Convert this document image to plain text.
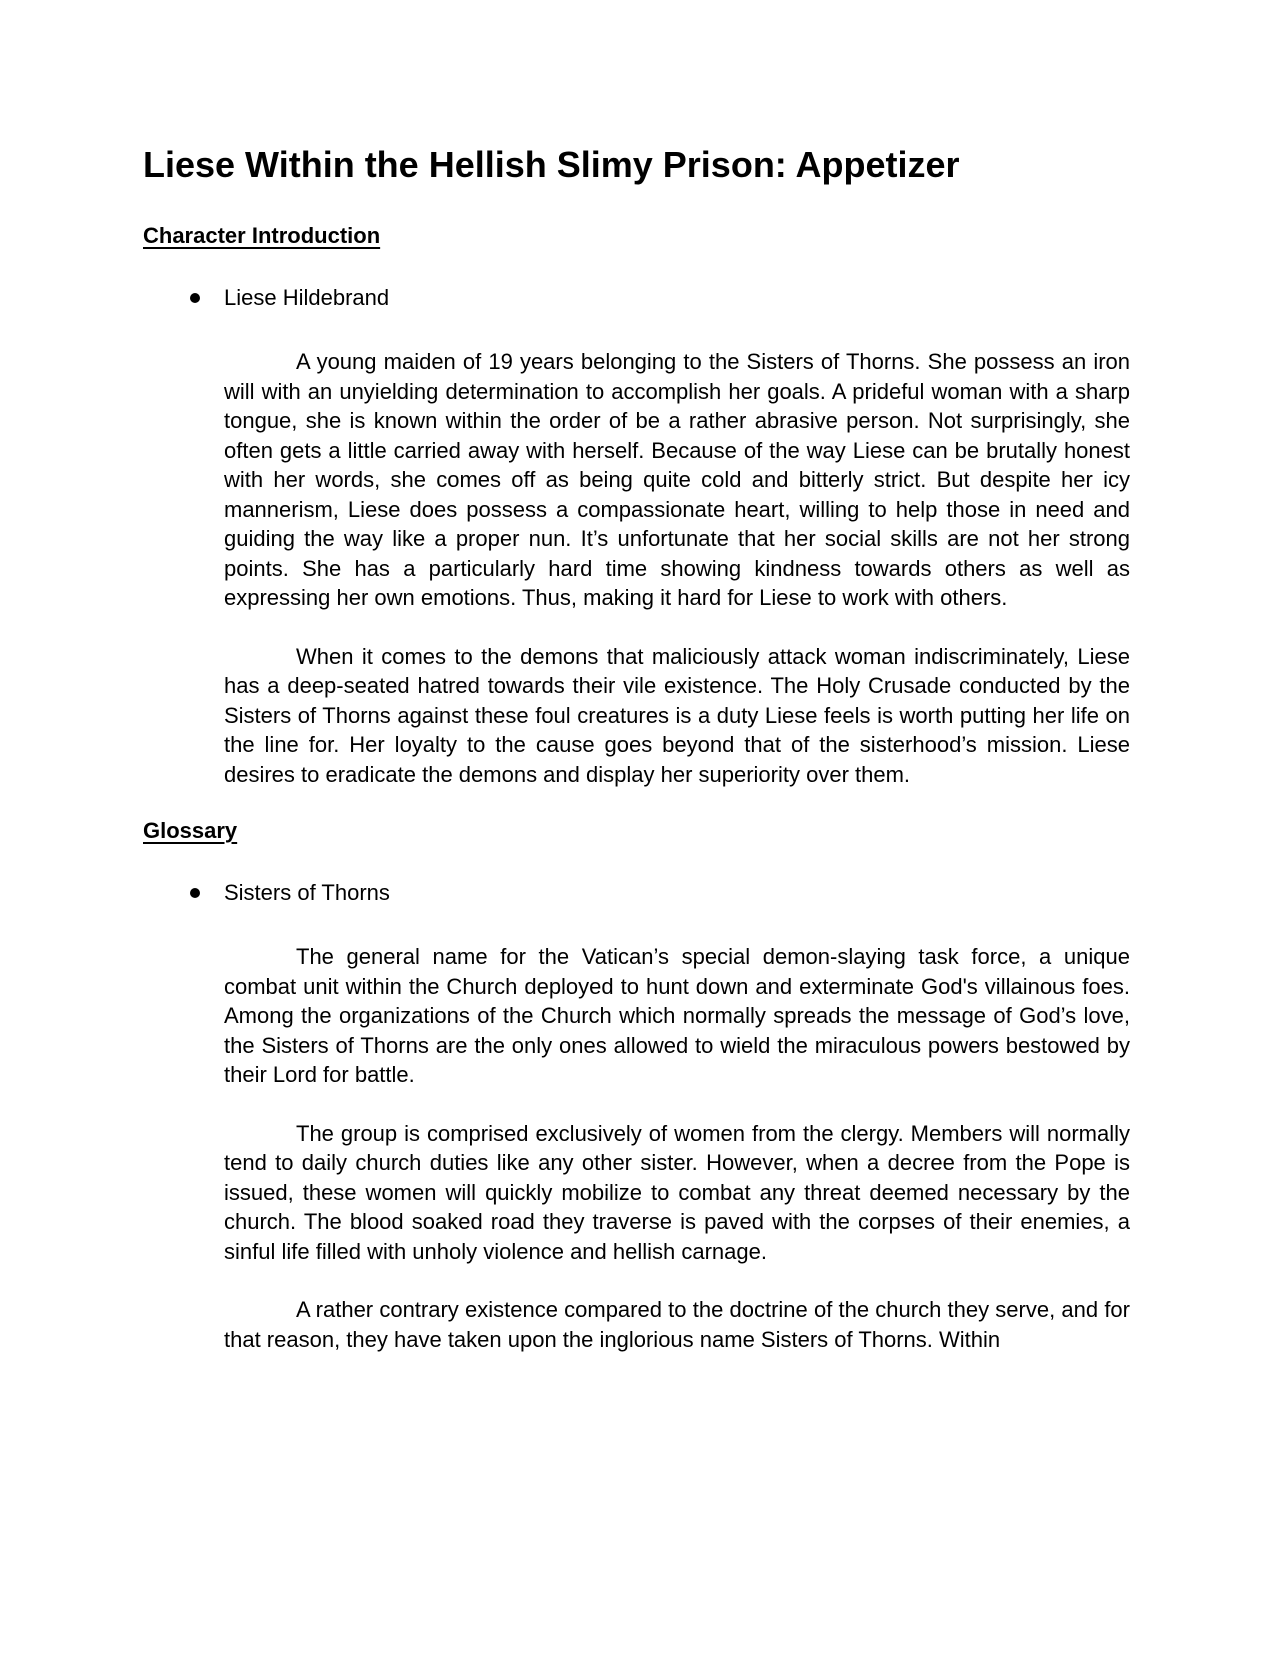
Liese Within the Hellish Slimy Prison: Appetizer
Character Introduction
Liese Hildebrand

A young maiden of 19 years belonging to the Sisters of Thorns. She possess an iron will with an unyielding determination to accomplish her goals. A prideful woman with a sharp tongue, she is known within the order of be a rather abrasive person. Not surprisingly, she often gets a little carried away with herself. Because of the way Liese can be brutally honest with her words, she comes off as being quite cold and bitterly strict. But despite her icy mannerism, Liese does possess a compassionate heart, willing to help those in need and guiding the way like a proper nun. It’s unfortunate that her social skills are not her strong points. She has a particularly hard time showing kindness towards others as well as expressing her own emotions. Thus, making it hard for Liese to work with others.

When it comes to the demons that maliciously attack woman indiscriminately, Liese has a deep-seated hatred towards their vile existence. The Holy Crusade conducted by the Sisters of Thorns against these foul creatures is a duty Liese feels is worth putting her life on the line for. Her loyalty to the cause goes beyond that of the sisterhood’s mission. Liese desires to eradicate the demons and display her superiority over them.

Glossary
Sisters of Thorns

The general name for the Vatican’s special demon-slaying task force, a unique combat unit within the Church deployed to hunt down and exterminate God's villainous foes. Among the organizations of the Church which normally spreads the message of God’s love, the Sisters of Thorns are the only ones allowed to wield the miraculous powers bestowed by their Lord for battle.

The group is comprised exclusively of women from the clergy. Members will normally tend to daily church duties like any other sister. However, when a decree from the Pope is issued, these women will quickly mobilize to combat any threat deemed necessary by the church. The blood soaked road they traverse is paved with the corpses of their enemies, a sinful life filled with unholy violence and hellish carnage.

A rather contrary existence compared to the doctrine of the church they serve, and for that reason, they have taken upon the inglorious name Sisters of Thorns. Within
